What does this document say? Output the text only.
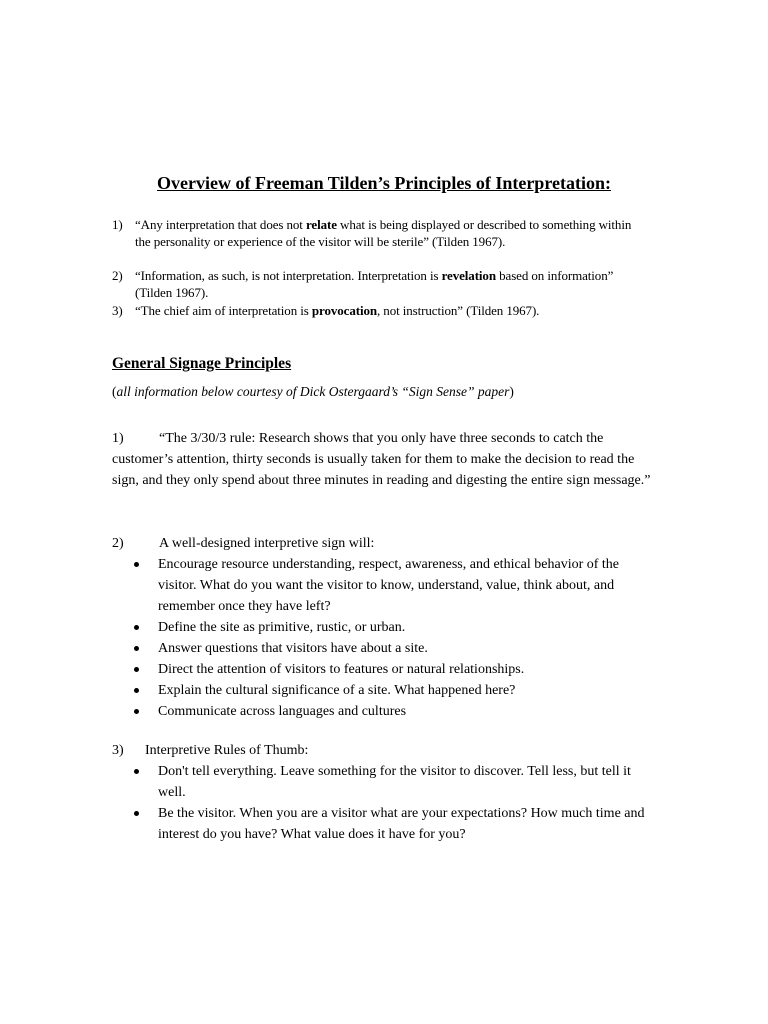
Overview of Freeman Tilden’s Principles of Interpretation:
1) “Any interpretation that does not relate what is being displayed or described to something within the personality or experience of the visitor will be sterile” (Tilden 1967).
2) “Information, as such, is not interpretation. Interpretation is revelation based on information” (Tilden 1967).
3) “The chief aim of interpretation is provocation, not instruction” (Tilden 1967).
General Signage Principles
(all information below courtesy of Dick Ostergaard’s “Sign Sense” paper)
1)	“The 3/30/3 rule: Research shows that you only have three seconds to catch the customer’s attention, thirty seconds is usually taken for them to make the decision to read the sign, and they only spend about three minutes in reading and digesting the entire sign message.”
2)	A well-designed interpretive sign will:
Encourage resource understanding, respect, awareness, and ethical behavior of the visitor. What do you want the visitor to know, understand, value, think about, and remember once they have left?
Define the site as primitive, rustic, or urban.
Answer questions that visitors have about a site.
Direct the attention of visitors to features or natural relationships.
Explain the cultural significance of a site. What happened here?
Communicate across languages and cultures
3) Interpretive Rules of Thumb:
Don't tell everything. Leave something for the visitor to discover. Tell less, but tell it well.
Be the visitor. When you are a visitor what are your expectations? How much time and interest do you have? What value does it have for you?
